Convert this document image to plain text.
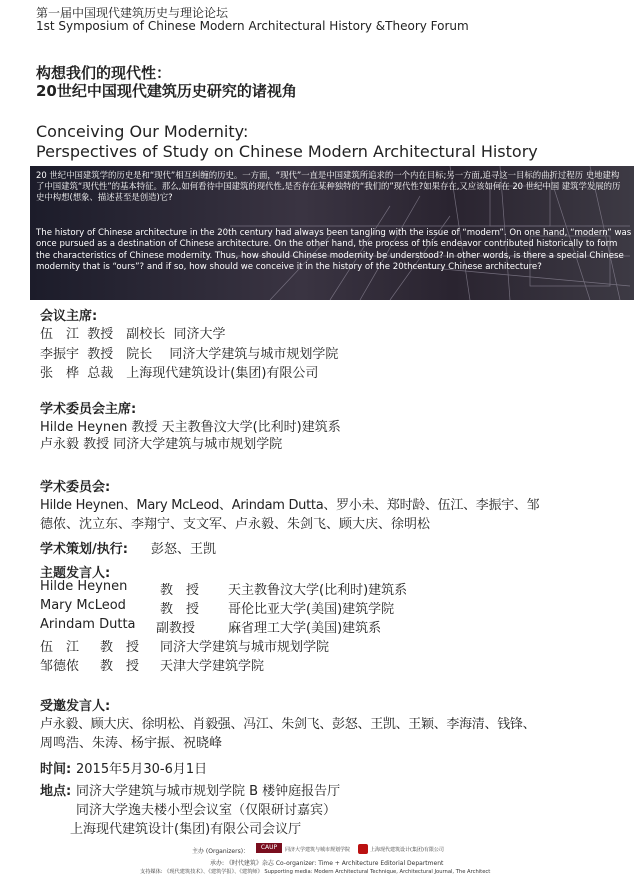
第一届中国现代建筑历史与理论论坛
1st Symposium of Chinese Modern Architectural History &Theory Forum
构想我们的现代性：
20世纪中国现代建筑历史研究的诸视角
Conceiving Our Modernity:
Perspectives of Study on Chinese Modern Architectural History
20 世纪中国建筑学的历史是和“现代”相互纠缠的历史。一方面，“现代”一直是中国建筑所追求的一个内在目标;另一方面,追寻这一目标的曲折过程历 史地建构了中国建筑“现代性”的基本特征。那么,如何看待中国建筑的现代性,是否存在某种独特的“我们的”现代性?如果存在,又应该如何在 20 世纪中国 建筑学发展的历史中构想(想象、描述甚至是创造)它?
The history of Chinese architecture in the 20th century had always been tangling with the issue of “modern”. On one hand, “modern” was once pursued as a destination of Chinese architecture. On the other hand, the process of this endeavor contributed historically to form the characteristics of Chinese modernity. Thus, how should Chinese modernity be understood? In other words, is there a special Chinese modernity that is “ours”? and if so, how should we conceive it in the history of the 20thcentury Chinese architecture?
会议主席:
伍　江  教授　副校长  同济大学
李振宇  教授　院长　 同济大学建筑与城市规划学院
张　桦  总裁　上海现代建筑设计(集团)有限公司
学术委员会主席:
Hilde Heynen 教授 天主教鲁汶大学(比利时)建筑系
卢永毅 教授 同济大学建筑与城市规划学院
学术委员会:
Hilde Heynen、Mary McLeod、Arindam Dutta、罗小未、郑时龄、伍江、李振宇、邹
德侬、沈立东、李翔宁、支文军、卢永毅、朱剑飞、顾大庆、徐明松
学术策划/执行: 彭怒、王凯
主题发言人:
Hilde Heynen	教　授 天主教鲁汶大学(比利时)建筑系
Mary McLeod	教　授 哥伦比亚大学(美国)建筑学院
Arindam Dutta 副教授	麻省理工大学(美国)建筑系
伍　江 教　授 同济大学建筑与城市规划学院
邹德侬 教　授 天津大学建筑学院
受邀发言人:
卢永毅、顾大庆、徐明松、肖毅强、冯江、朱剑飞、彭怒、王凯、王颖、李海清、钱锋、
周鸣浩、朱涛、杨宇振、祝晓峰
时间: 2015年5月30-6月1日
地点: 同济大学建筑与城市规划学院 B 楼钟庭报告厅
同济大学逸夫楼小型会议室（仅限研讨嘉宾）
上海现代建筑设计(集团)有限公司会议厅
主办 (Organizers)：
CAUP	同济大学建筑与城市规划学院	上海现代建筑设计(集团)有限公司
承办: 《时代建筑》杂志 Co-organizer: Time + Architecture Editorial Department
支持媒体: 《现代建筑技术》、《建筑学报》、《建筑师》 Supporting media: Modern Architectural Technique, Architectural Journal, The Architect
